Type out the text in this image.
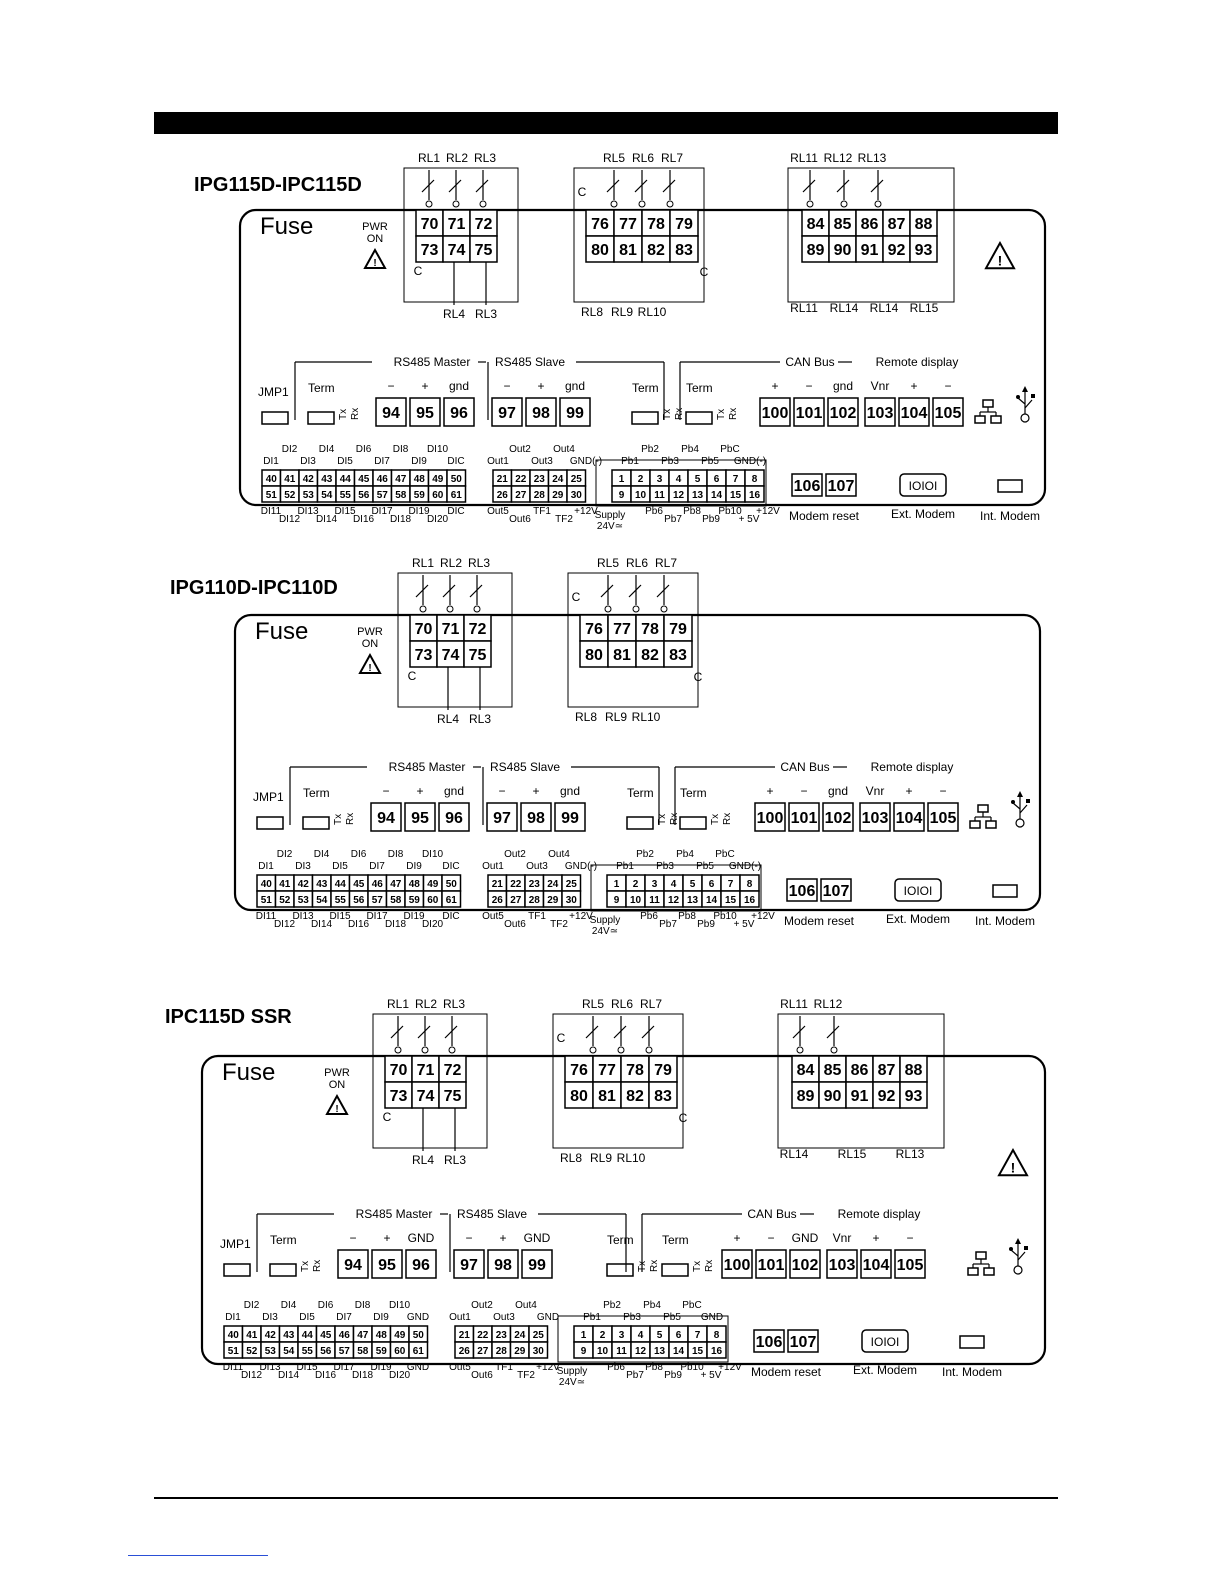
IPG115D-IPC115D
Fuse	PWR
ON
!	!
70 71 72
73 74 75
RL1 RL2 RL3
C
RL4 RL3
76 77 78 79
80 81 82 83
RL5 RL6 RL7
C
C
RL8 RL9 RL10
84 85 86 87 88
89 90 91 92 93
RL11 RL12 RL13
RL11 RL14 RL14 RL15
JMP1 Term
Tx Rx
Term
Tx Rx
Term
Tx Rx
RS485 Master RS485 Slave	CAN Bus	Remote display
94
−
95
+
96
gnd
97
−
98
+
99
gnd
100
+
101
−
102
gnd
103
Vnr
104
+
105
−
40 41 42 43 44 45 46 47 48 49 50
51 52 53 54 55 56 57 58 59 60 61
DI1
DI2
DI3
DI4
DI5
DI6
DI7
DI8
DI9
DI10
DIC
DI11
DI12
DI13
DI14
DI15
DI16
DI17
DI18
DI19
DI20
DIC
21 22 23 24 25
26 27 28 29 30
Out1
Out2
Out3
Out4
GND(-)
Out5
Out6
TF1
TF2
+12V
1 2 3 4 5 6 7 8
9 10 11 12 13 14 15 16
Pb1
Pb2
Pb3
Pb4
Pb5
PbC
GND(-)
Pb6
Pb7
Pb8
Pb9
Pb10
+ 5V
+12V
Supply
24V≃
106 107
Modem reset
IOIOI
Ext. Modem Int. Modem
IPG110D-IPC110D
Fuse	PWR
ON
!
70 71 72
73 74 75
RL1 RL2 RL3
C
RL4 RL3
76 77 78 79
80 81 82 83
RL5 RL6 RL7
C
C
RL8 RL9 RL10
JMP1 Term
Tx Rx
Term
Tx Rx
Term
Tx Rx
RS485 Master RS485 Slave	CAN Bus	Remote display
94
−
95
+
96
gnd
97
−
98
+
99
gnd
100
+
101
−
102
gnd
103
Vnr
104
+
105
−
40 41 42 43 44 45 46 47 48 49 50
51 52 53 54 55 56 57 58 59 60 61
DI1
DI2
DI3
DI4
DI5
DI6
DI7
DI8
DI9
DI10
DIC
DI11
DI12
DI13
DI14
DI15
DI16
DI17
DI18
DI19
DI20
DIC
21 22 23 24 25
26 27 28 29 30
Out1
Out2
Out3
Out4
GND(-)
Out5
Out6
TF1
TF2
+12V
1 2 3 4 5 6 7 8
9 10 11 12 13 14 15 16
Pb1
Pb2
Pb3
Pb4
Pb5
PbC
GND(-)
Pb6
Pb7
Pb8
Pb9
Pb10
+ 5V
+12V
Supply
24V≃
106 107
Modem reset
IOIOI
Ext. Modem Int. Modem
IPC115D SSR
Fuse	PWR
ON
!
!
70 71 72
73 74 75
RL1 RL2 RL3
C
RL4 RL3
76 77 78 79
80 81 82 83
RL5 RL6 RL7
C
C
RL8 RL9 RL10
84 85 86 87 88
89 90 91 92 93
RL11 RL12
RL14 RL15 RL13
JMP1 Term
Tx Rx
Term
Tx Rx
Term
Tx Rx
RS485 Master RS485 Slave	CAN Bus	Remote display
94
−
95
+
96
GND
97
−
98
+
99
GND
100
+
101
−
102
GND
103
Vnr
104
+
105
−
40 41 42 43 44 45 46 47 48 49 50
51 52 53 54 55 56 57 58 59 60 61
DI1
DI2
DI3
DI4
DI5
DI6
DI7
DI8
DI9
DI10
GND
DI11
DI12
DI13
DI14
DI15
DI16
DI17
DI18
DI19
DI20
GND
21 22 23 24 25
26 27 28 29 30
Out1
Out2
Out3
Out4
GND
Out5
Out6
TF1
TF2
+12V
1 2 3 4 5 6 7 8
9 10 11 12 13 14 15 16
Pb1
Pb2
Pb3
Pb4
Pb5
PbC
GND
Pb6
Pb7
Pb8
Pb9
Pb10
+ 5V
+12V
Supply
24V≃
106 107
Modem reset
IOIOI
Ext. Modem Int. Modem
